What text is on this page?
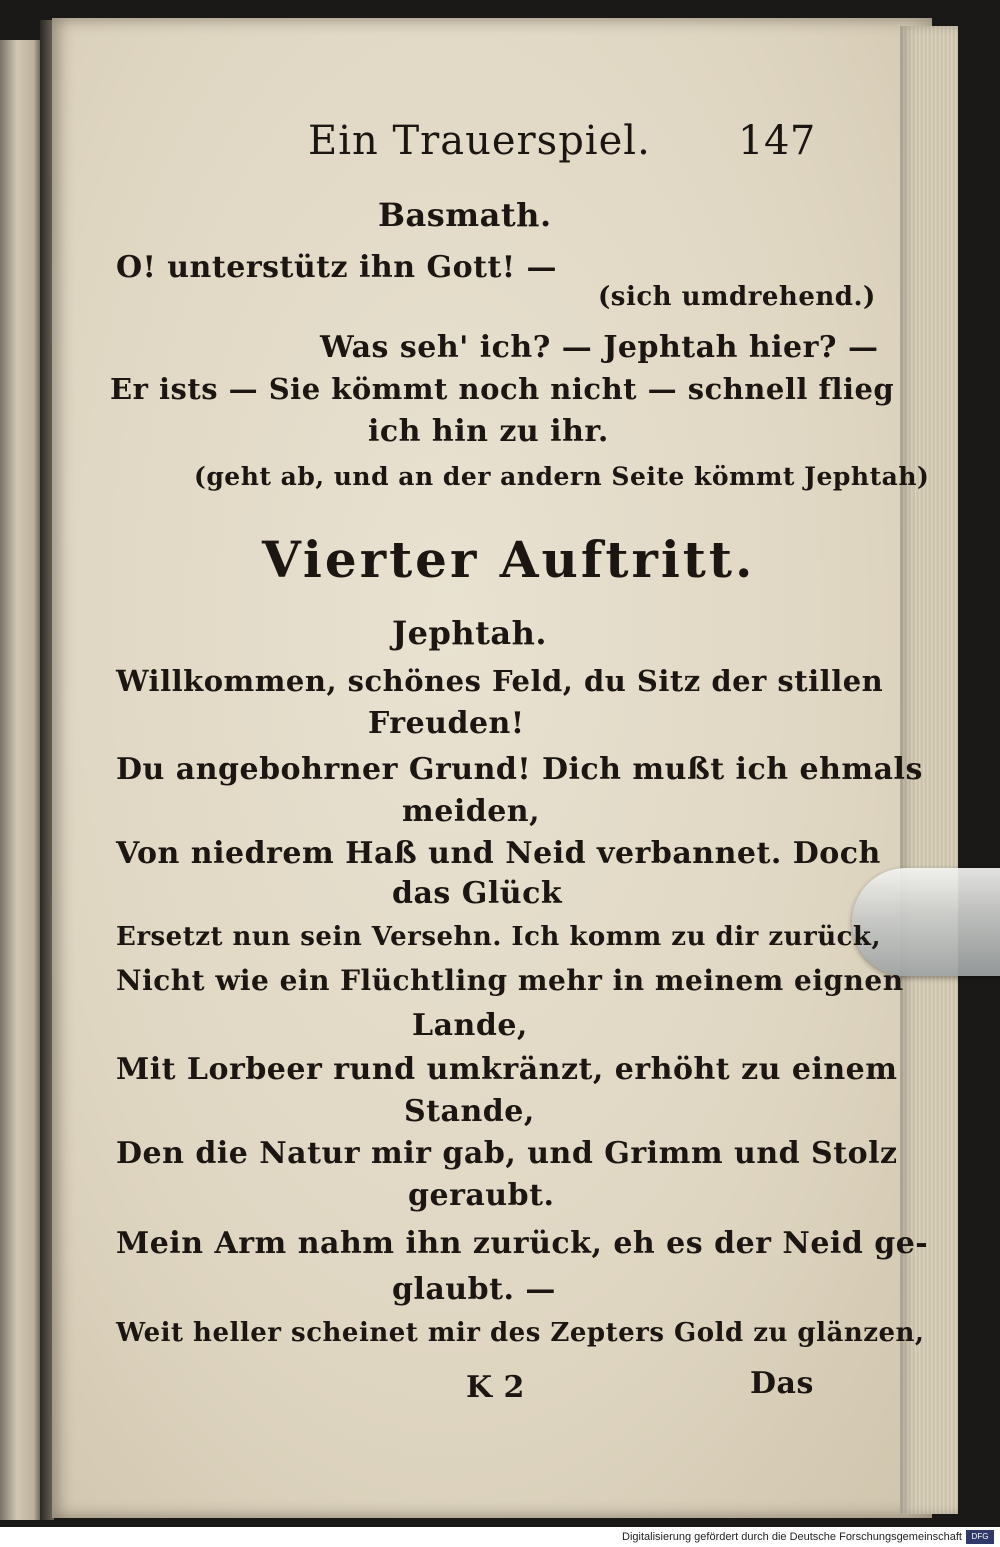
Ein Trauerspiel. 147
Basmath.
O! unterstütz ihn Gott! —
(sich umdrehend.)
Was seh' ich? — Jephtah hier? —
Er ists — Sie kömmt noch nicht — schnell flieg
ich hin zu ihr.
(geht ab, und an der andern Seite kömmt Jephtah)
Vierter Auftritt.
Jephtah.
Willkommen, schönes Feld, du Sitz der stillen
Freuden!
Du angebohrner Grund! Dich mußt ich ehmals
meiden,
Von niedrem Haß und Neid verbannet. Doch
das Glück
Ersetzt nun sein Versehn. Ich komm zu dir zurück,
Nicht wie ein Flüchtling mehr in meinem eignen
Lande,
Mit Lorbeer rund umkränzt, erhöht zu einem
Stande,
Den die Natur mir gab, und Grimm und Stolz
geraubt.
Mein Arm nahm ihn zurück, eh es der Neid ge-
glaubt. —
Weit heller scheinet mir des Zepters Gold zu glänzen,
K 2	Das
Digitalisierung gefördert durch die Deutsche Forschungsgemeinschaft	DFG
